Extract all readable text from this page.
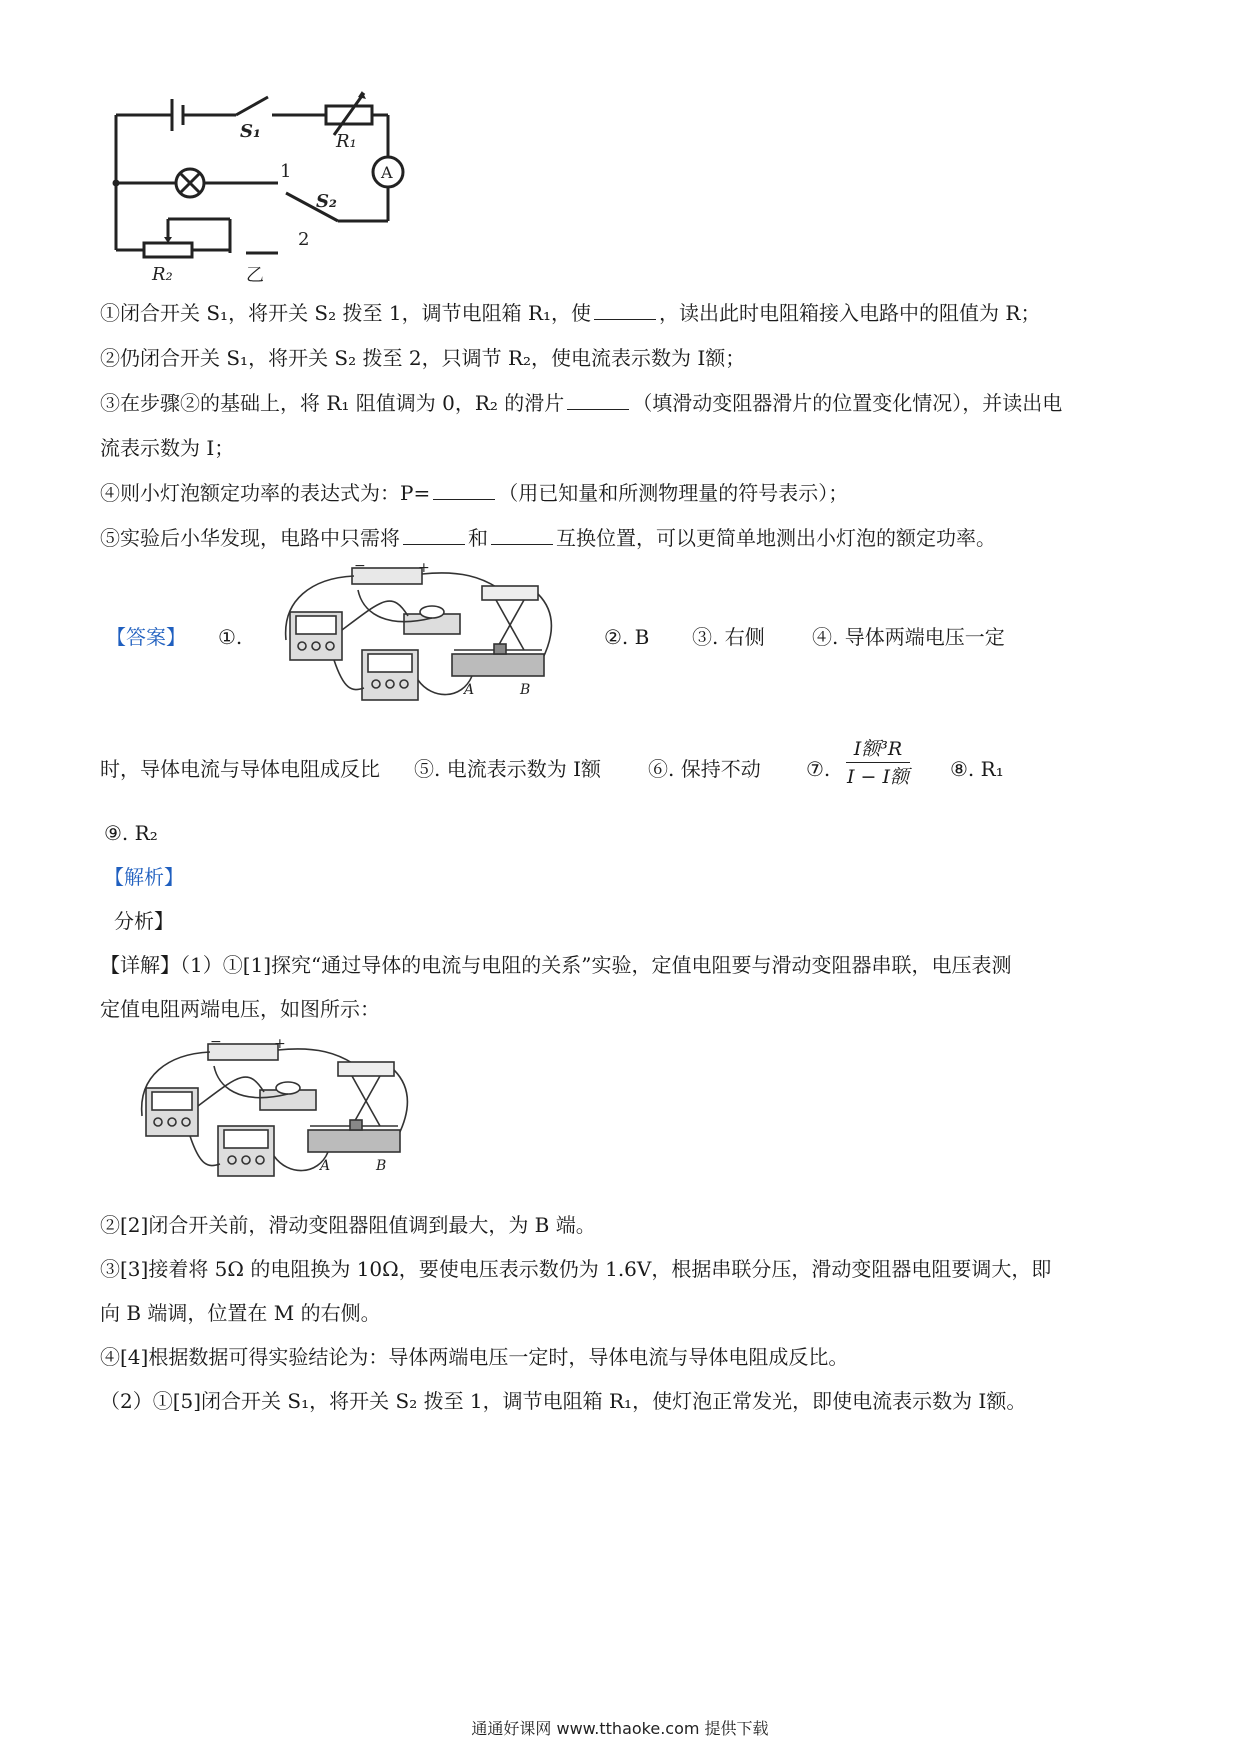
S₁	R₁
A
1
S₂
2
R₂	乙
①闭合开关 S₁，将开关 S₂ 拨至 1，调节电阻箱 R₁，使	，读出此时电阻箱接入电路中的阻值为 R；
②仍闭合开关 S₁，将开关 S₂ 拨至 2，只调节 R₂，使电流表示数为 I额；
③在步骤②的基础上，将 R₁ 阻值调为 0，R₂ 的滑片	（填滑动变阻器滑片的位置变化情况），并读出电
流表示数为 I；
④则小灯泡额定功率的表达式为：P=	（用已知量和所测物理量的符号表示）；
⑤实验后小华发现，电路中只需将	和	互换位置，可以更简单地测出小灯泡的额定功率。
【答案】 ①.
−	+
A	B
②. B ③. 右侧 ④. 导体两端电压一定
时，导体电流与导体电阻成反比 ⑤. 电流表示数为 I额 ⑥. 保持不动 ⑦.
I额³R
I − I额 ⑧. R₁
⑨. R₂
【解析】
分析】
【详解】（1）①[1]探究“通过导体的电流与电阻的关系”实验，定值电阻要与滑动变阻器串联，电压表测
定值电阻两端电压，如图所示：
−	+
A	B
②[2]闭合开关前，滑动变阻器阻值调到最大，为 B 端。
③[3]接着将 5Ω 的电阻换为 10Ω，要使电压表示数仍为 1.6V，根据串联分压，滑动变阻器电阻要调大，即
向 B 端调，位置在 M 的右侧。
④[4]根据数据可得实验结论为：导体两端电压一定时，导体电流与导体电阻成反比。
（2）①[5]闭合开关 S₁，将开关 S₂ 拨至 1，调节电阻箱 R₁，使灯泡正常发光，即使电流表示数为 I额。
通通好课网 www.tthaoke.com 提供下载
